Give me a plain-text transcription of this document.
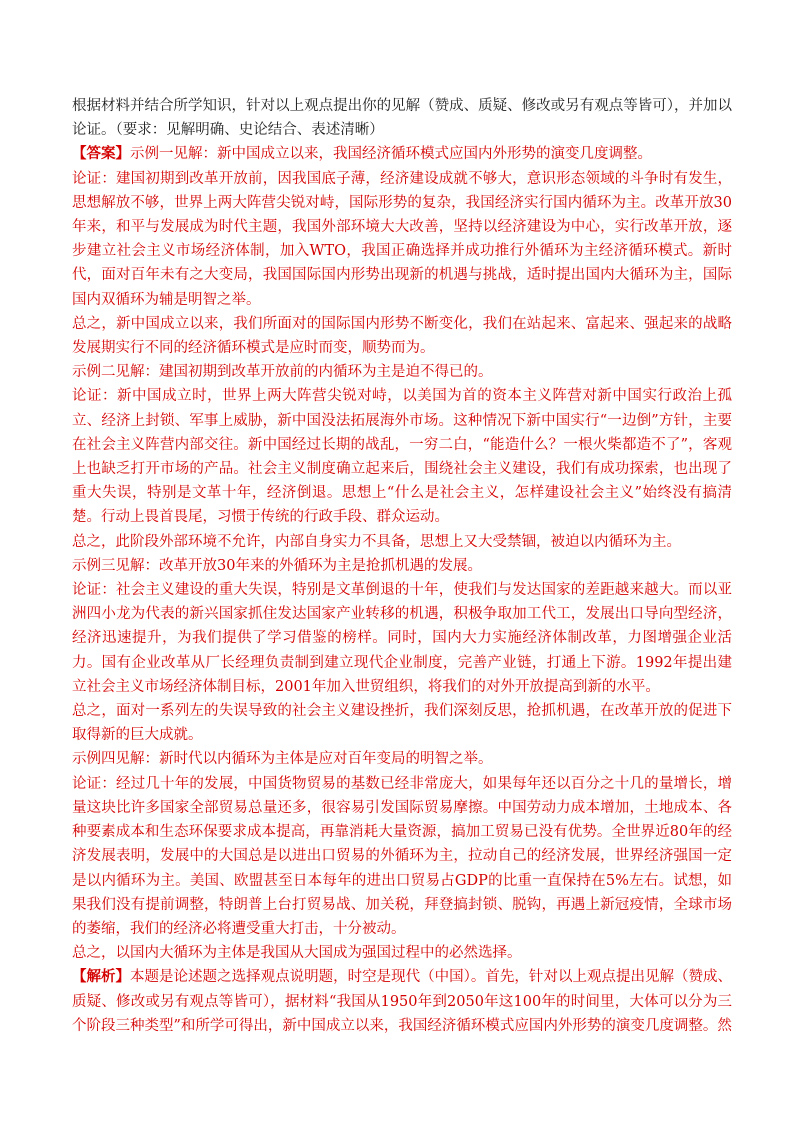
根据材料并结合所学知识，针对以上观点提出你的见解（赞成、质疑、修改或另有观点等皆可），并加以论证。（要求：见解明确、史论结合、表述清晰）

【答案】示例一见解：新中国成立以来，我国经济循环模式应国内外形势的演变几度调整。

论证：建国初期到改革开放前，因我国底子薄，经济建设成就不够大，意识形态领域的斗争时有发生，思想解放不够，世界上两大阵营尖锐对峙，国际形势的复杂，我国经济实行国内循环为主。改革开放30年来，和平与发展成为时代主题，我国外部环境大大改善，坚持以经济建设为中心，实行改革开放，逐步建立社会主义市场经济体制，加入WTO，我国正确选择并成功推行外循环为主经济循环模式。新时代，面对百年未有之大变局，我国国际国内形势出现新的机遇与挑战，适时提出国内大循环为主，国际国内双循环为辅是明智之举。

总之，新中国成立以来，我们所面对的国际国内形势不断变化，我们在站起来、富起来、强起来的战略发展期实行不同的经济循环模式是应时而变，顺势而为。

示例二见解：建国初期到改革开放前的内循环为主是迫不得已的。

论证：新中国成立时，世界上两大阵营尖锐对峙，以美国为首的资本主义阵营对新中国实行政治上孤立、经济上封锁、军事上威胁，新中国没法拓展海外市场。这种情况下新中国实行“一边倒”方针，主要在社会主义阵营内部交往。新中国经过长期的战乱，一穷二白，“能造什么？一根火柴都造不了”，客观上也缺乏打开市场的产品。社会主义制度确立起来后，围绕社会主义建设，我们有成功探索，也出现了重大失误，特别是文革十年，经济倒退。思想上“什么是社会主义，怎样建设社会主义”始终没有搞清楚。行动上畏首畏尾，习惯于传统的行政手段、群众运动。

总之，此阶段外部环境不允许，内部自身实力不具备，思想上又大受禁锢，被迫以内循环为主。

示例三见解：改革开放30年来的外循环为主是抢抓机遇的发展。

论证：社会主义建设的重大失误，特别是文革倒退的十年，使我们与发达国家的差距越来越大。而以亚洲四小龙为代表的新兴国家抓住发达国家产业转移的机遇，积极争取加工代工，发展出口导向型经济，经济迅速提升，为我们提供了学习借鉴的榜样。同时，国内大力实施经济体制改革，力图增强企业活力。国有企业改革从厂长经理负责制到建立现代企业制度，完善产业链，打通上下游。1992年提出建立社会主义市场经济体制目标，2001年加入世贸组织，将我们的对外开放提高到新的水平。

总之，面对一系列左的失误导致的社会主义建设挫折，我们深刻反思，抢抓机遇，在改革开放的促进下取得新的巨大成就。

示例四见解：新时代以内循环为主体是应对百年变局的明智之举。

论证：经过几十年的发展，中国货物贸易的基数已经非常庞大，如果每年还以百分之十几的量增长，增量这块比许多国家全部贸易总量还多，很容易引发国际贸易摩擦。中国劳动力成本增加，土地成本、各种要素成本和生态环保要求成本提高，再靠消耗大量资源，搞加工贸易已没有优势。全世界近80年的经济发展表明，发展中的大国总是以进出口贸易的外循环为主，拉动自己的经济发展，世界经济强国一定是以内循环为主。美国、欧盟甚至日本每年的进出口贸易占GDP的比重一直保持在5%左右。试想，如果我们没有提前调整，特朗普上台打贸易战、加关税，拜登搞封锁、脱钩，再遇上新冠疫情，全球市场的萎缩，我们的经济必将遭受重大打击，十分被动。

总之，以国内大循环为主体是我国从大国成为强国过程中的必然选择。

【解析】本题是论述题之选择观点说明题，时空是现代（中国）。首先，针对以上观点提出见解（赞成、质疑、修改或另有观点等皆可），据材料“我国从1950年到2050年这100年的时间里，大体可以分为三个阶段三种类型”和所学可得出，新中国成立以来，我国经济循环模式应国内外形势的演变几度调整。然
